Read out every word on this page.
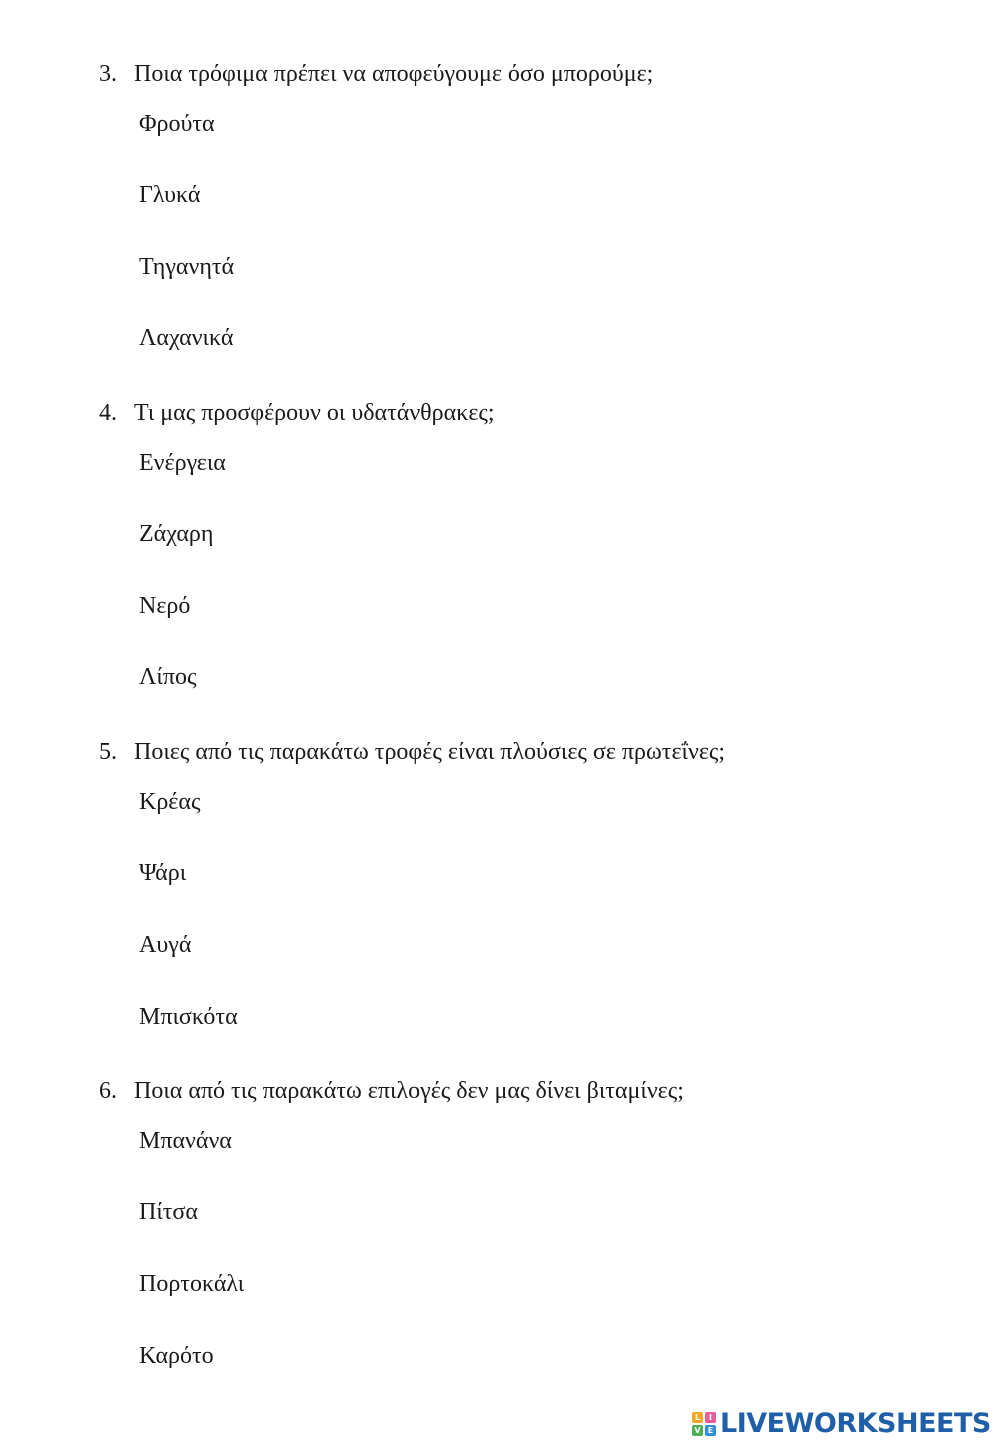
3. Ποια τρόφιμα πρέπει να αποφεύγουμε όσο μπορούμε;
Φρούτα
Γλυκά
Τηγανητά
Λαχανικά
4. Τι μας προσφέρουν οι υδατάνθρακες;
Ενέργεια
Ζάχαρη
Νερό
Λίπος
5. Ποιες από τις παρακάτω τροφές είναι πλούσιες σε πρωτεΐνες;
Κρέας
Ψάρι
Αυγά
Μπισκότα
6. Ποια από τις παρακάτω επιλογές δεν μας δίνει βιταμίνες;
Μπανάνα
Πίτσα
Πορτοκάλι
Καρότο
L	I
V E LIVEWORKSHEETS
